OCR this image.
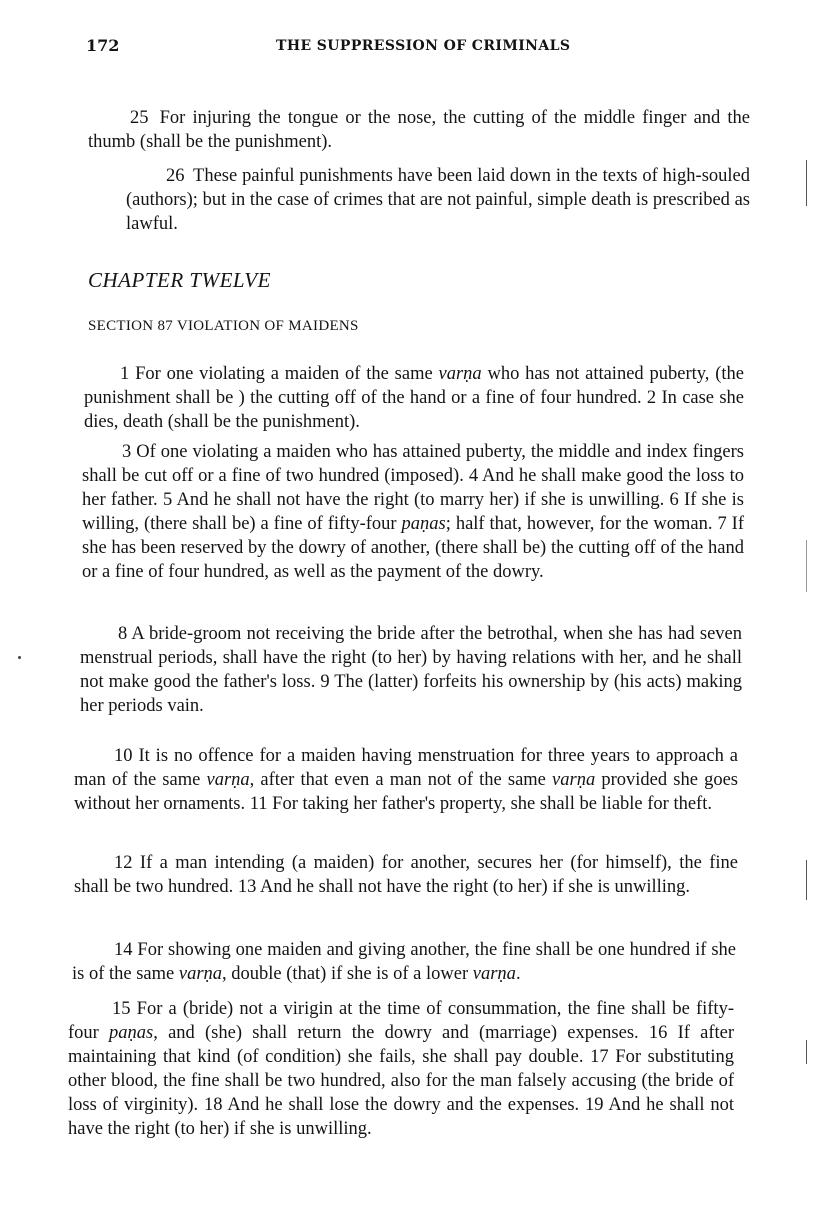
172	THE SUPPRESSION OF CRIMINALS
25 For injuring the tongue or the nose, the cutting of the middle finger and the thumb (shall be the punishment).
26 These painful punishments have been laid down in the texts of high-souled (authors); but in the case of crimes that are not painful, simple death is prescribed as lawful.
CHAPTER TWELVE
SECTION 87 VIOLATION OF MAIDENS
1 For one violating a maiden of the same varṇa who has not attained puberty, (the punishment shall be ) the cutting off of the hand or a fine of four hundred. 2 In case she dies, death (shall be the punishment).
3 Of one violating a maiden who has attained puberty, the middle and index fingers shall be cut off or a fine of two hundred (imposed). 4 And he shall make good the loss to her father. 5 And he shall not have the right (to marry her) if she is unwilling. 6 If she is willing, (there shall be) a fine of fifty-four paṇas; half that, however, for the woman. 7 If she has been reserved by the dowry of another, (there shall be) the cutting off of the hand or a fine of four hundred, as well as the payment of the dowry.
8 A bride-groom not receiving the bride after the betrothal, when she has had seven menstrual periods, shall have the right (to her) by having relations with her, and he shall not make good the father's loss. 9 The (latter) forfeits his ownership by (his acts) making her periods vain.
10 It is no offence for a maiden having menstruation for three years to approach a man of the same varṇa, after that even a man not of the same varṇa provided she goes without her ornaments. 11 For taking her father's property, she shall be liable for theft.
12 If a man intending (a maiden) for another, secures her (for himself), the fine shall be two hundred. 13 And he shall not have the right (to her) if she is unwilling.
14 For showing one maiden and giving another, the fine shall be one hundred if she is of the same varṇa, double (that) if she is of a lower varṇa.
15 For a (bride) not a virigin at the time of consummation, the fine shall be fifty-four paṇas, and (she) shall return the dowry and (marriage) expenses. 16 If after maintaining that kind (of condition) she fails, she shall pay double. 17 For substituting other blood, the fine shall be two hundred, also for the man falsely accusing (the bride of loss of virginity). 18 And he shall lose the dowry and the expenses. 19 And he shall not have the right (to her) if she is unwilling.
